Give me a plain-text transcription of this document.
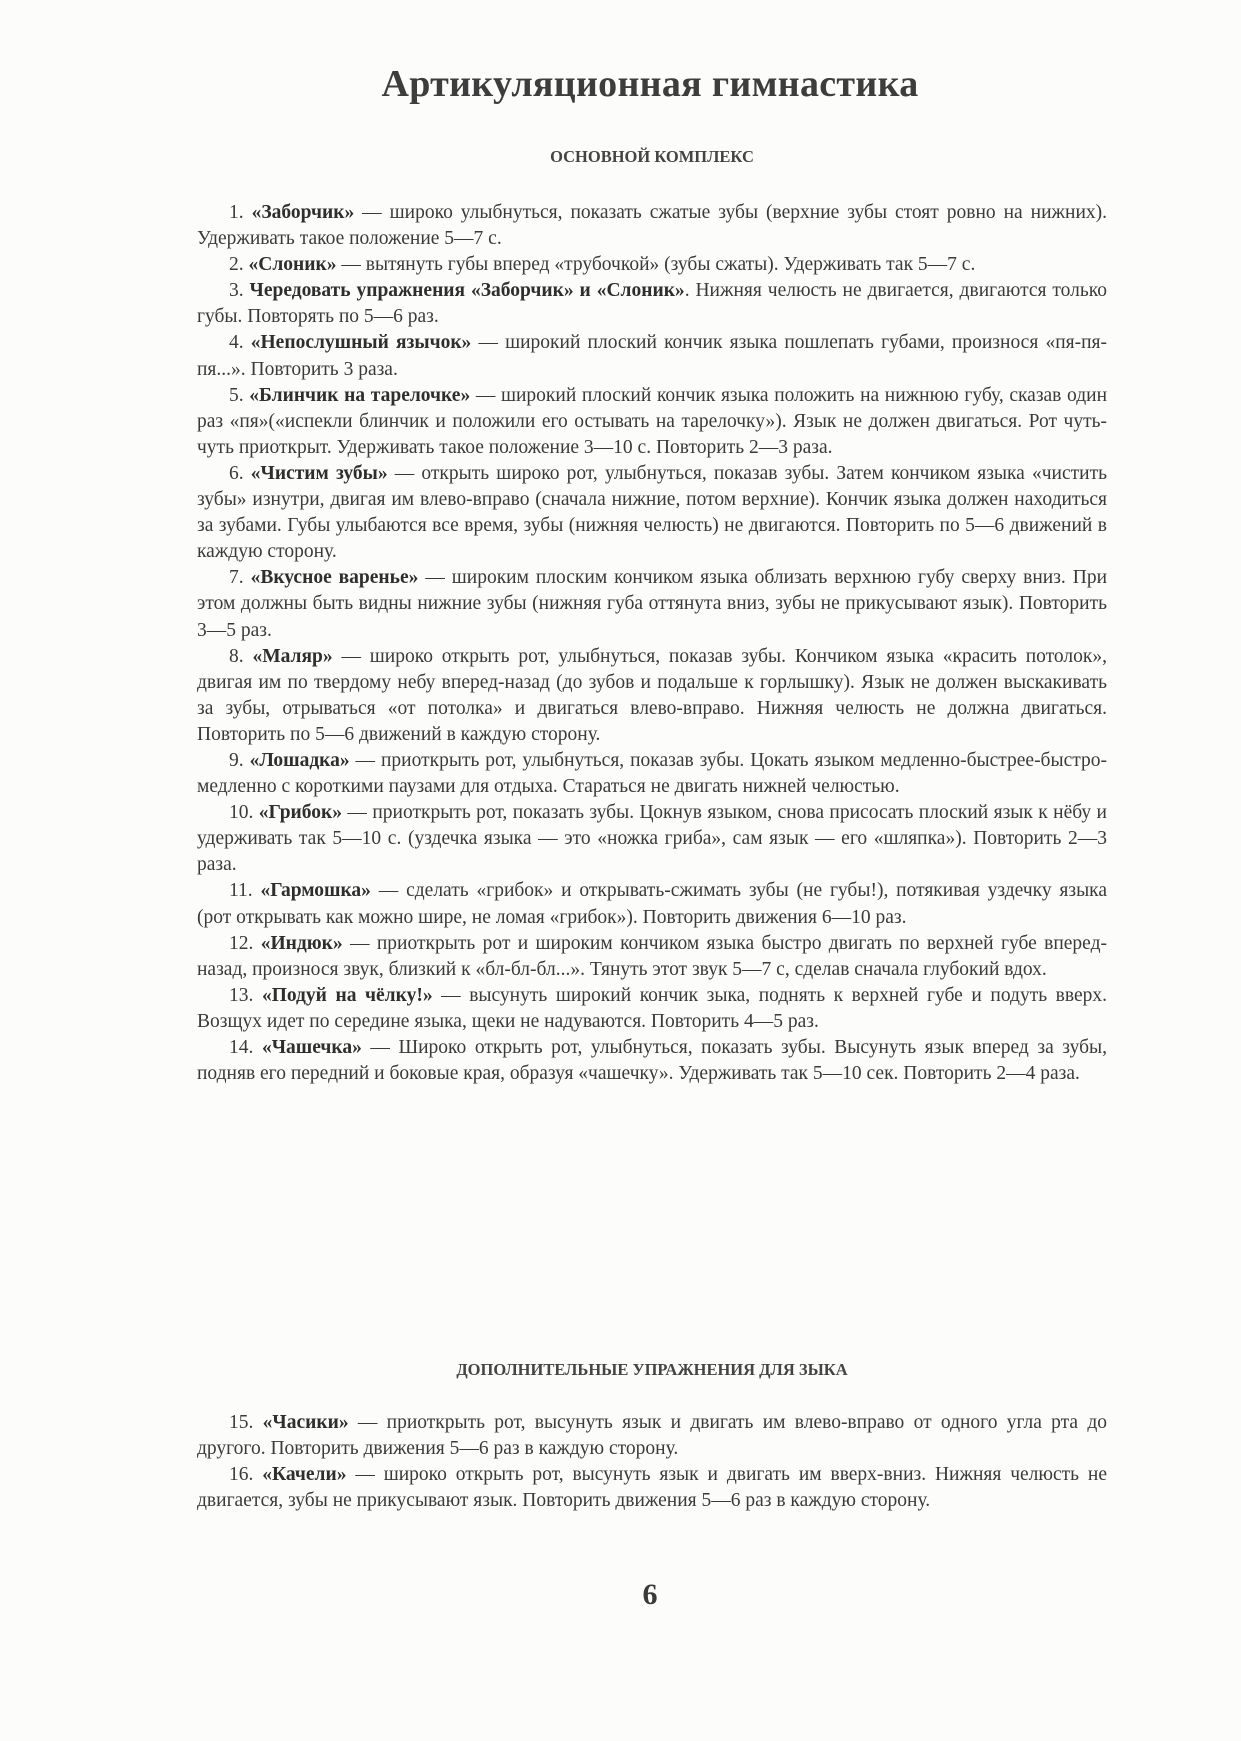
Артикуляционная гимнастика
ОСНОВНОЙ КОМПЛЕКС

1. «Заборчик» — широко улыбнуться, показать сжатые зубы (верхние зубы стоят ровно на нижних). Удерживать такое положение 5—7 с.

2. «Слоник» — вытянуть губы вперед «трубочкой» (зубы сжаты). Удерживать так 5—7 с.

3. Чередовать упражнения «Заборчик» и «Слоник». Нижняя челюсть не двигается, двигаются только губы. Повторять по 5—6 раз.

4. «Непослушный язычок» — широкий плоский кончик языка пошлепать губами, произнося «пя-пя-пя...». Повторить 3 раза.

5. «Блинчик на тарелочке» — широкий плоский кончик языка положить на нижнюю губу, сказав один раз «пя»(«испекли блинчик и положили его остывать на тарелочку»). Язык не должен двигаться. Рот чуть-чуть приоткрыт. Удерживать такое положение 3—10 с. Повторить 2—3 раза.

6. «Чистим зубы» — открыть широко рот, улыбнуться, показав зубы. Затем кончиком языка «чистить зубы» изнутри, двигая им влево-вправо (сначала нижние, потом верхние). Кончик языка должен находиться за зубами. Губы улыбаются все время, зубы (нижняя челюсть) не двигаются. Повторить по 5—6 движений в каждую сторону.

7. «Вкусное варенье» — широким плоским кончиком языка облизать верхнюю губу сверху вниз. При этом должны быть видны нижние зубы (нижняя губа оттянута вниз, зубы не прикусывают язык). Повторить 3—5 раз.

8. «Маляр» — широко открыть рот, улыбнуться, показав зубы. Кончиком языка «красить потолок», двигая им по твердому небу вперед-назад (до зубов и подальше к горлышку). Язык не должен выскакивать за зубы, отрываться «от потолка» и двигаться влево-вправо. Нижняя челюсть не должна двигаться. Повторить по 5—6 движений в каждую сторону.

9. «Лошадка» — приоткрыть рот, улыбнуться, показав зубы. Цокать языком медленно-быстрее-быстро-медленно с короткими паузами для отдыха. Стараться не двигать нижней челюстью.

10. «Грибок» — приоткрыть рот, показать зубы. Цокнув языком, снова присосать плоский язык к нёбу и удерживать так 5—10 с. (уздечка языка — это «ножка гриба», сам язык — его «шляпка»). Повторить 2—3 раза.

11. «Гармошка» — сделать «грибок» и открывать-сжимать зубы (не губы!), потякивая уздечку языка (рот открывать как можно шире, не ломая «грибок»). Повторить движения 6—10 раз.

12. «Индюк» — приоткрыть рот и широким кончиком языка быстро двигать по верхней губе вперед-назад, произнося звук, близкий к «бл-бл-бл...». Тянуть этот звук 5—7 с, сделав сначала глубокий вдох.

13. «Подуй на чёлку!» — высунуть широкий кончик зыка, поднять к верхней губе и подуть вверх. Возщух идет по середине языка, щеки не надуваются. Повторить 4—5 раз.

14. «Чашечка» — Широко открыть рот, улыбнуться, показать зубы. Высунуть язык вперед за зубы, подняв его передний и боковые края, образуя «чашечку». Удерживать так 5—10 сек. Повторить 2—4 раза.

ДОПОЛНИТЕЛЬНЫЕ УПРАЖНЕНИЯ ДЛЯ ЗЫКА

15. «Часики» — приоткрыть рот, высунуть язык и двигать им влево-вправо от одного угла рта до другого. Повторить движения 5—6 раз в каждую сторону.

16. «Качели» — широко открыть рот, высунуть язык и двигать им вверх-вниз. Нижняя челюсть не двигается, зубы не прикусывают язык. Повторить движения 5—6 раз в каждую сторону.

6
